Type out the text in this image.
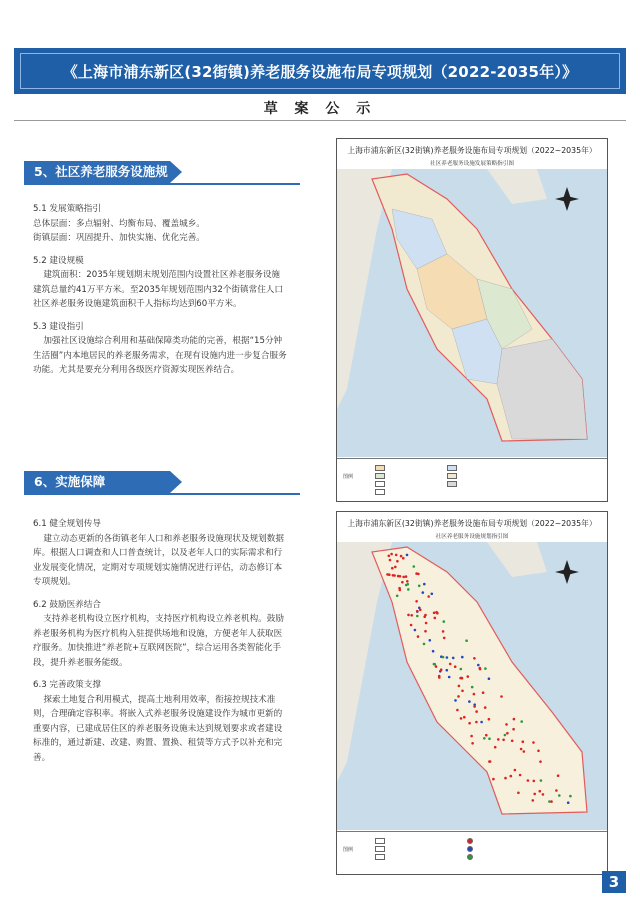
《上海市浦东新区(32街镇)养老服务设施布局专项规划（2022-2035年）》
草 案 公 示
5、社区养老服务设施规划

5.1 发展策略指引

总体层面：多点辐射、均衡布局、覆盖城乡。

街镇层面：巩固提升、加快实施、优化完善。

5.2 建设规模

建筑面积：2035年规划期末规划范围内设置社区养老服务设施建筑总量约41万平方米。至2035年规划范围内32个街镇常住人口社区养老服务设施建筑面积千人指标均达到60平方米。

5.3 建设指引

加强社区设施综合利用和基础保障类功能的完善，根据“15分钟生活圈”内本地居民的养老服务需求，在现有设施内进一步复合服务功能。尤其是要充分利用各级医疗资源实现医养结合。

6、实施保障

6.1 健全规划传导

建立动态更新的各街镇老年人口和养老服务设施现状及规划数据库。根据人口调查和人口普查统计，以及老年人口的实际需求和行业发展变化情况，定期对专项规划实施情况进行评估，动态修订本专项规划。

6.2 鼓励医养结合

支持养老机构设立医疗机构，支持医疗机构设立养老机构。鼓励养老服务机构为医疗机构入驻提供场地和设施，方便老年人获取医疗服务。加快推进“养老院+互联网医院”，综合运用各类智能化手段，提升养老服务能级。

6.3 完善政策支撑

探索土地复合利用模式，提高土地利用效率，衔接控规技术准则，合理确定容积率。将嵌入式养老服务设施建设作为城市更新的重要内容，已建成居住区的养老服务设施未达到规划要求或者建设标准的，通过新建、改建、购置、置换、租赁等方式予以补充和完善。

上海市浦东新区(32街镇)养老服务设施布局专项规划（2022~2035年）
社区养老服务设施发展策略指引图
图例
上海市浦东新区(32街镇)养老服务设施布局专项规划（2022~2035年）
社区养老服务设施规划指引图
图例
3
